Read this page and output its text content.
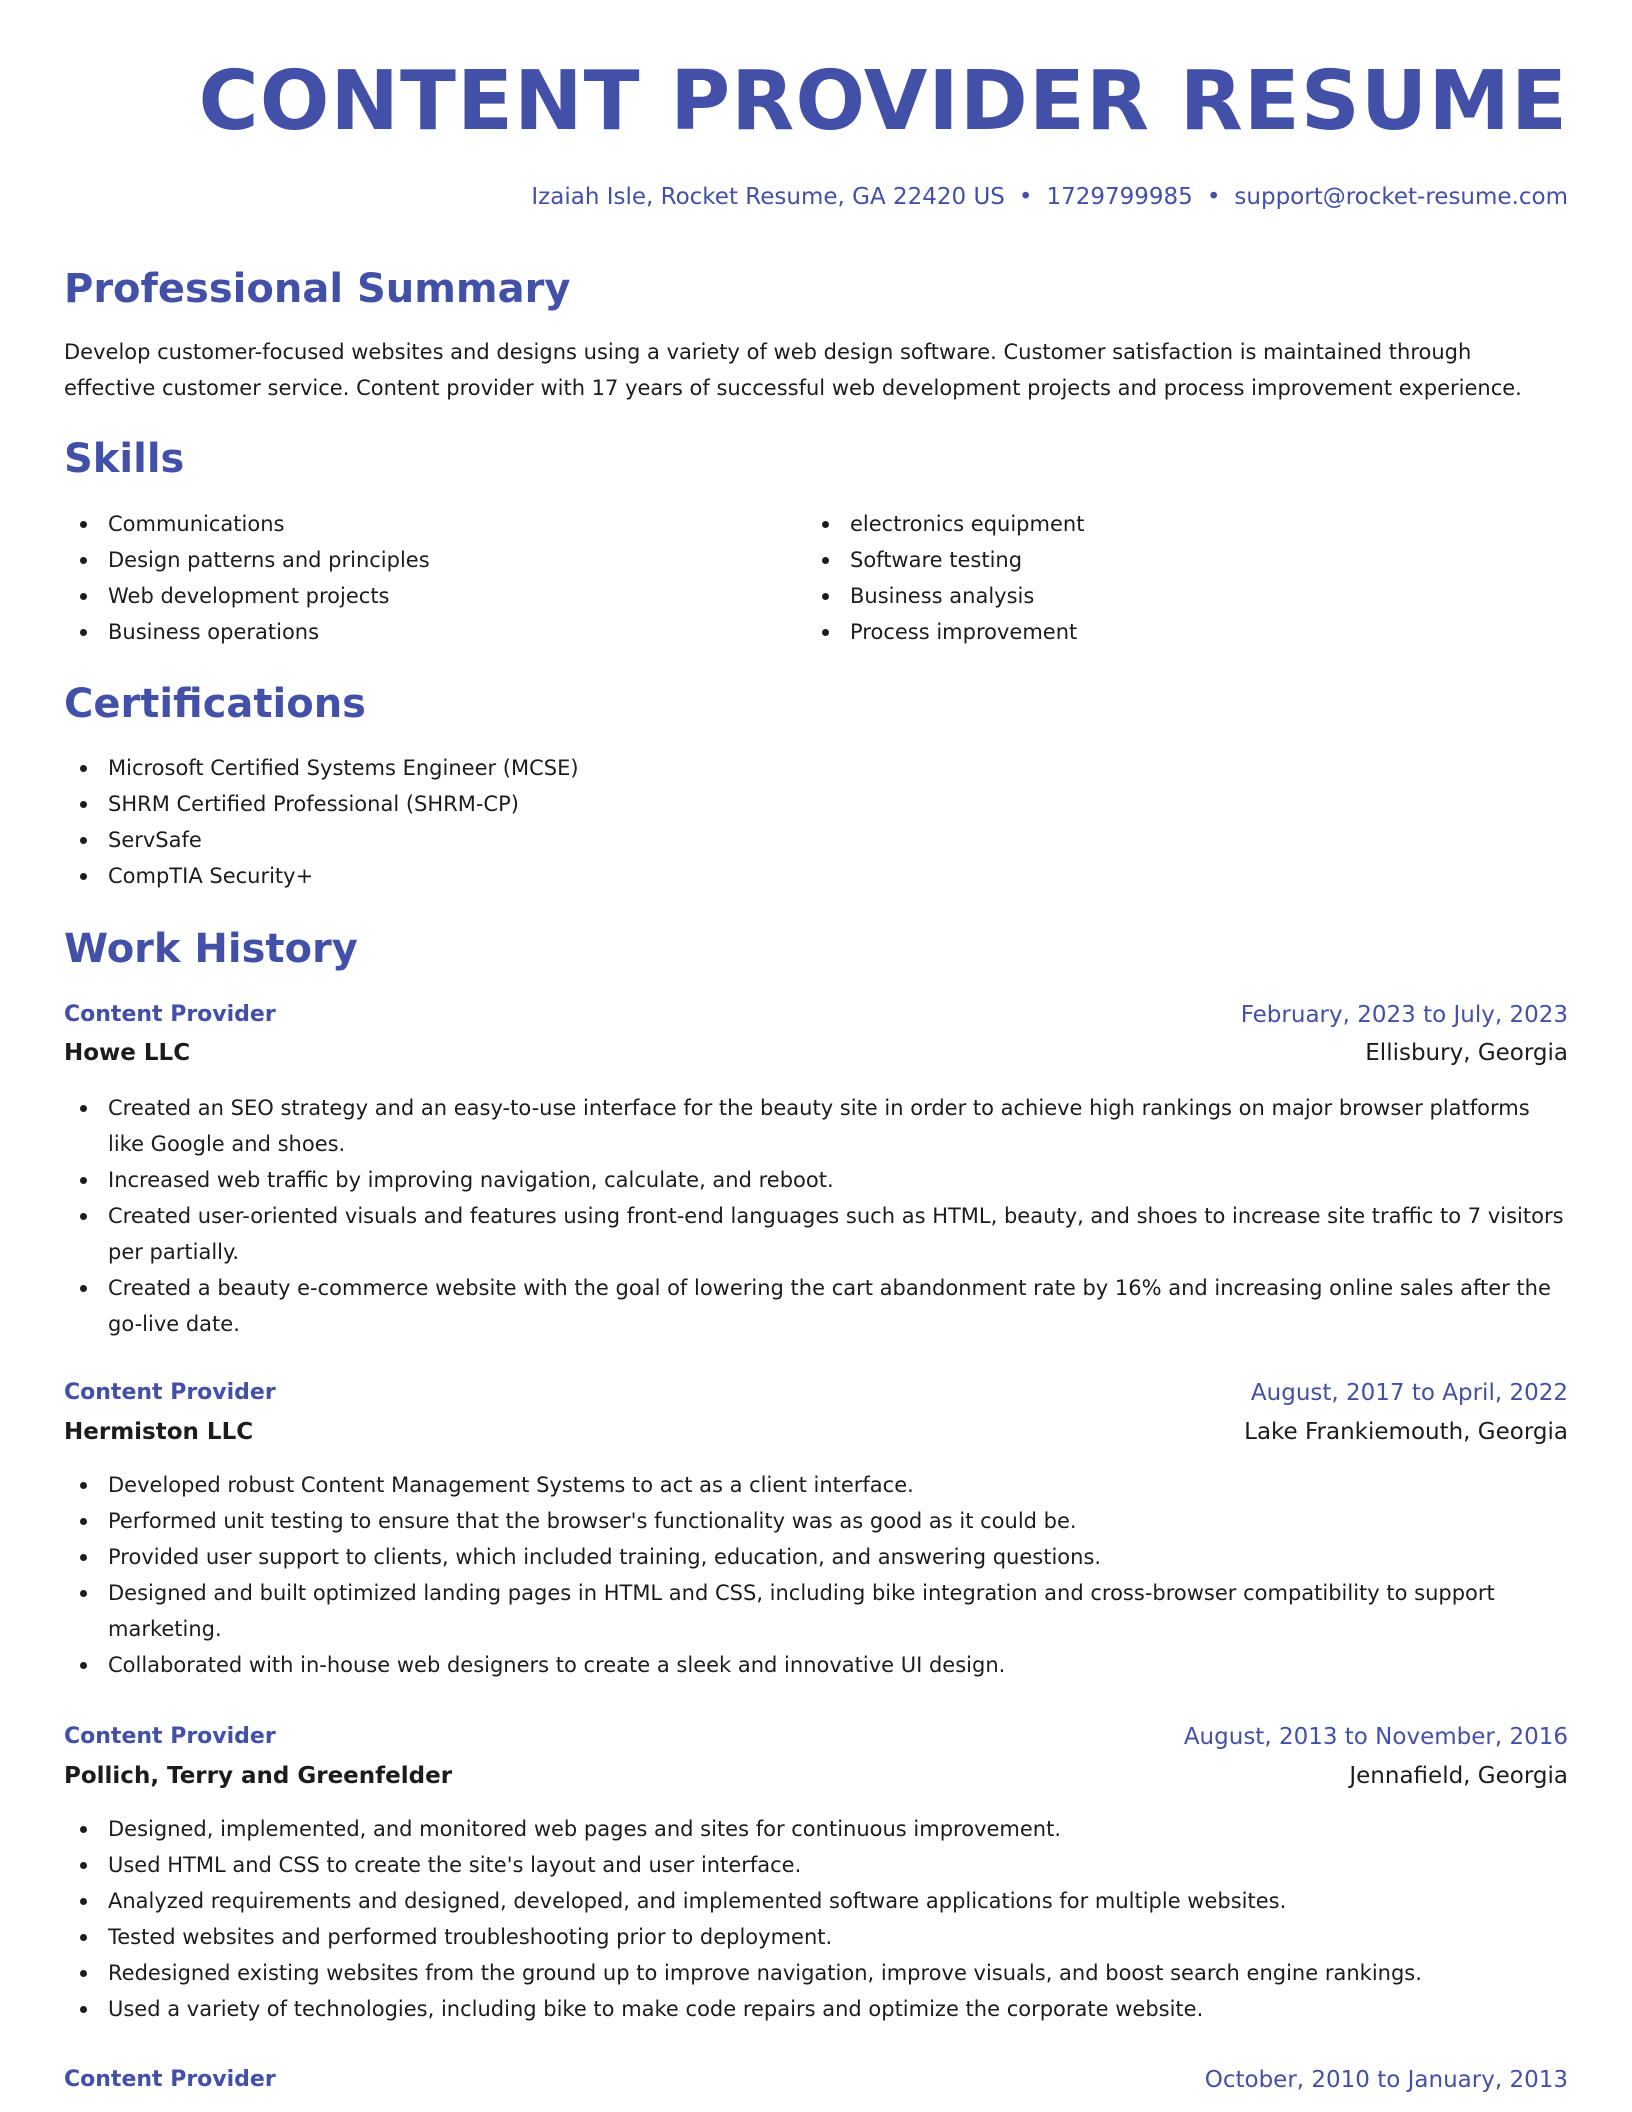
CONTENT PROVIDER RESUME
Izaiah Isle, Rocket Resume, GA 22420 US • 1729799985 • support@rocket-resume.com
Professional Summary

Develop customer-focused websites and designs using a variety of web design software. Customer satisfaction is maintained through effective customer service. Content provider with 17 years of successful web development projects and process improvement experience.

Skills
Communications
Design patterns and principles
Web development projects
Business operations
electronics equipment
Software testing
Business analysis
Process improvement
Certifications
Microsoft Certified Systems Engineer (MCSE)
SHRM Certified Professional (SHRM-CP)
ServSafe
CompTIA Security+
Work History
Content Provider	February, 2023 to July, 2023
Howe LLC	Ellisbury, Georgia
Created an SEO strategy and an easy-to-use interface for the beauty site in order to achieve high rankings on major browser platforms like Google and shoes.
Increased web traffic by improving navigation, calculate, and reboot.
Created user-oriented visuals and features using front-end languages such as HTML, beauty, and shoes to increase site traffic to 7 visitors per partially.
Created a beauty e-commerce website with the goal of lowering the cart abandonment rate by 16% and increasing online sales after the go-live date.
Content Provider	August, 2017 to April, 2022
Hermiston LLC	Lake Frankiemouth, Georgia
Developed robust Content Management Systems to act as a client interface.
Performed unit testing to ensure that the browser's functionality was as good as it could be.
Provided user support to clients, which included training, education, and answering questions.
Designed and built optimized landing pages in HTML and CSS, including bike integration and cross-browser compatibility to support marketing.
Collaborated with in-house web designers to create a sleek and innovative UI design.
Content Provider	August, 2013 to November, 2016
Pollich, Terry and Greenfelder	Jennafield, Georgia
Designed, implemented, and monitored web pages and sites for continuous improvement.
Used HTML and CSS to create the site's layout and user interface.
Analyzed requirements and designed, developed, and implemented software applications for multiple websites.
Tested websites and performed troubleshooting prior to deployment.
Redesigned existing websites from the ground up to improve navigation, improve visuals, and boost search engine rankings.
Used a variety of technologies, including bike to make code repairs and optimize the corporate website.
Content Provider	October, 2010 to January, 2013
